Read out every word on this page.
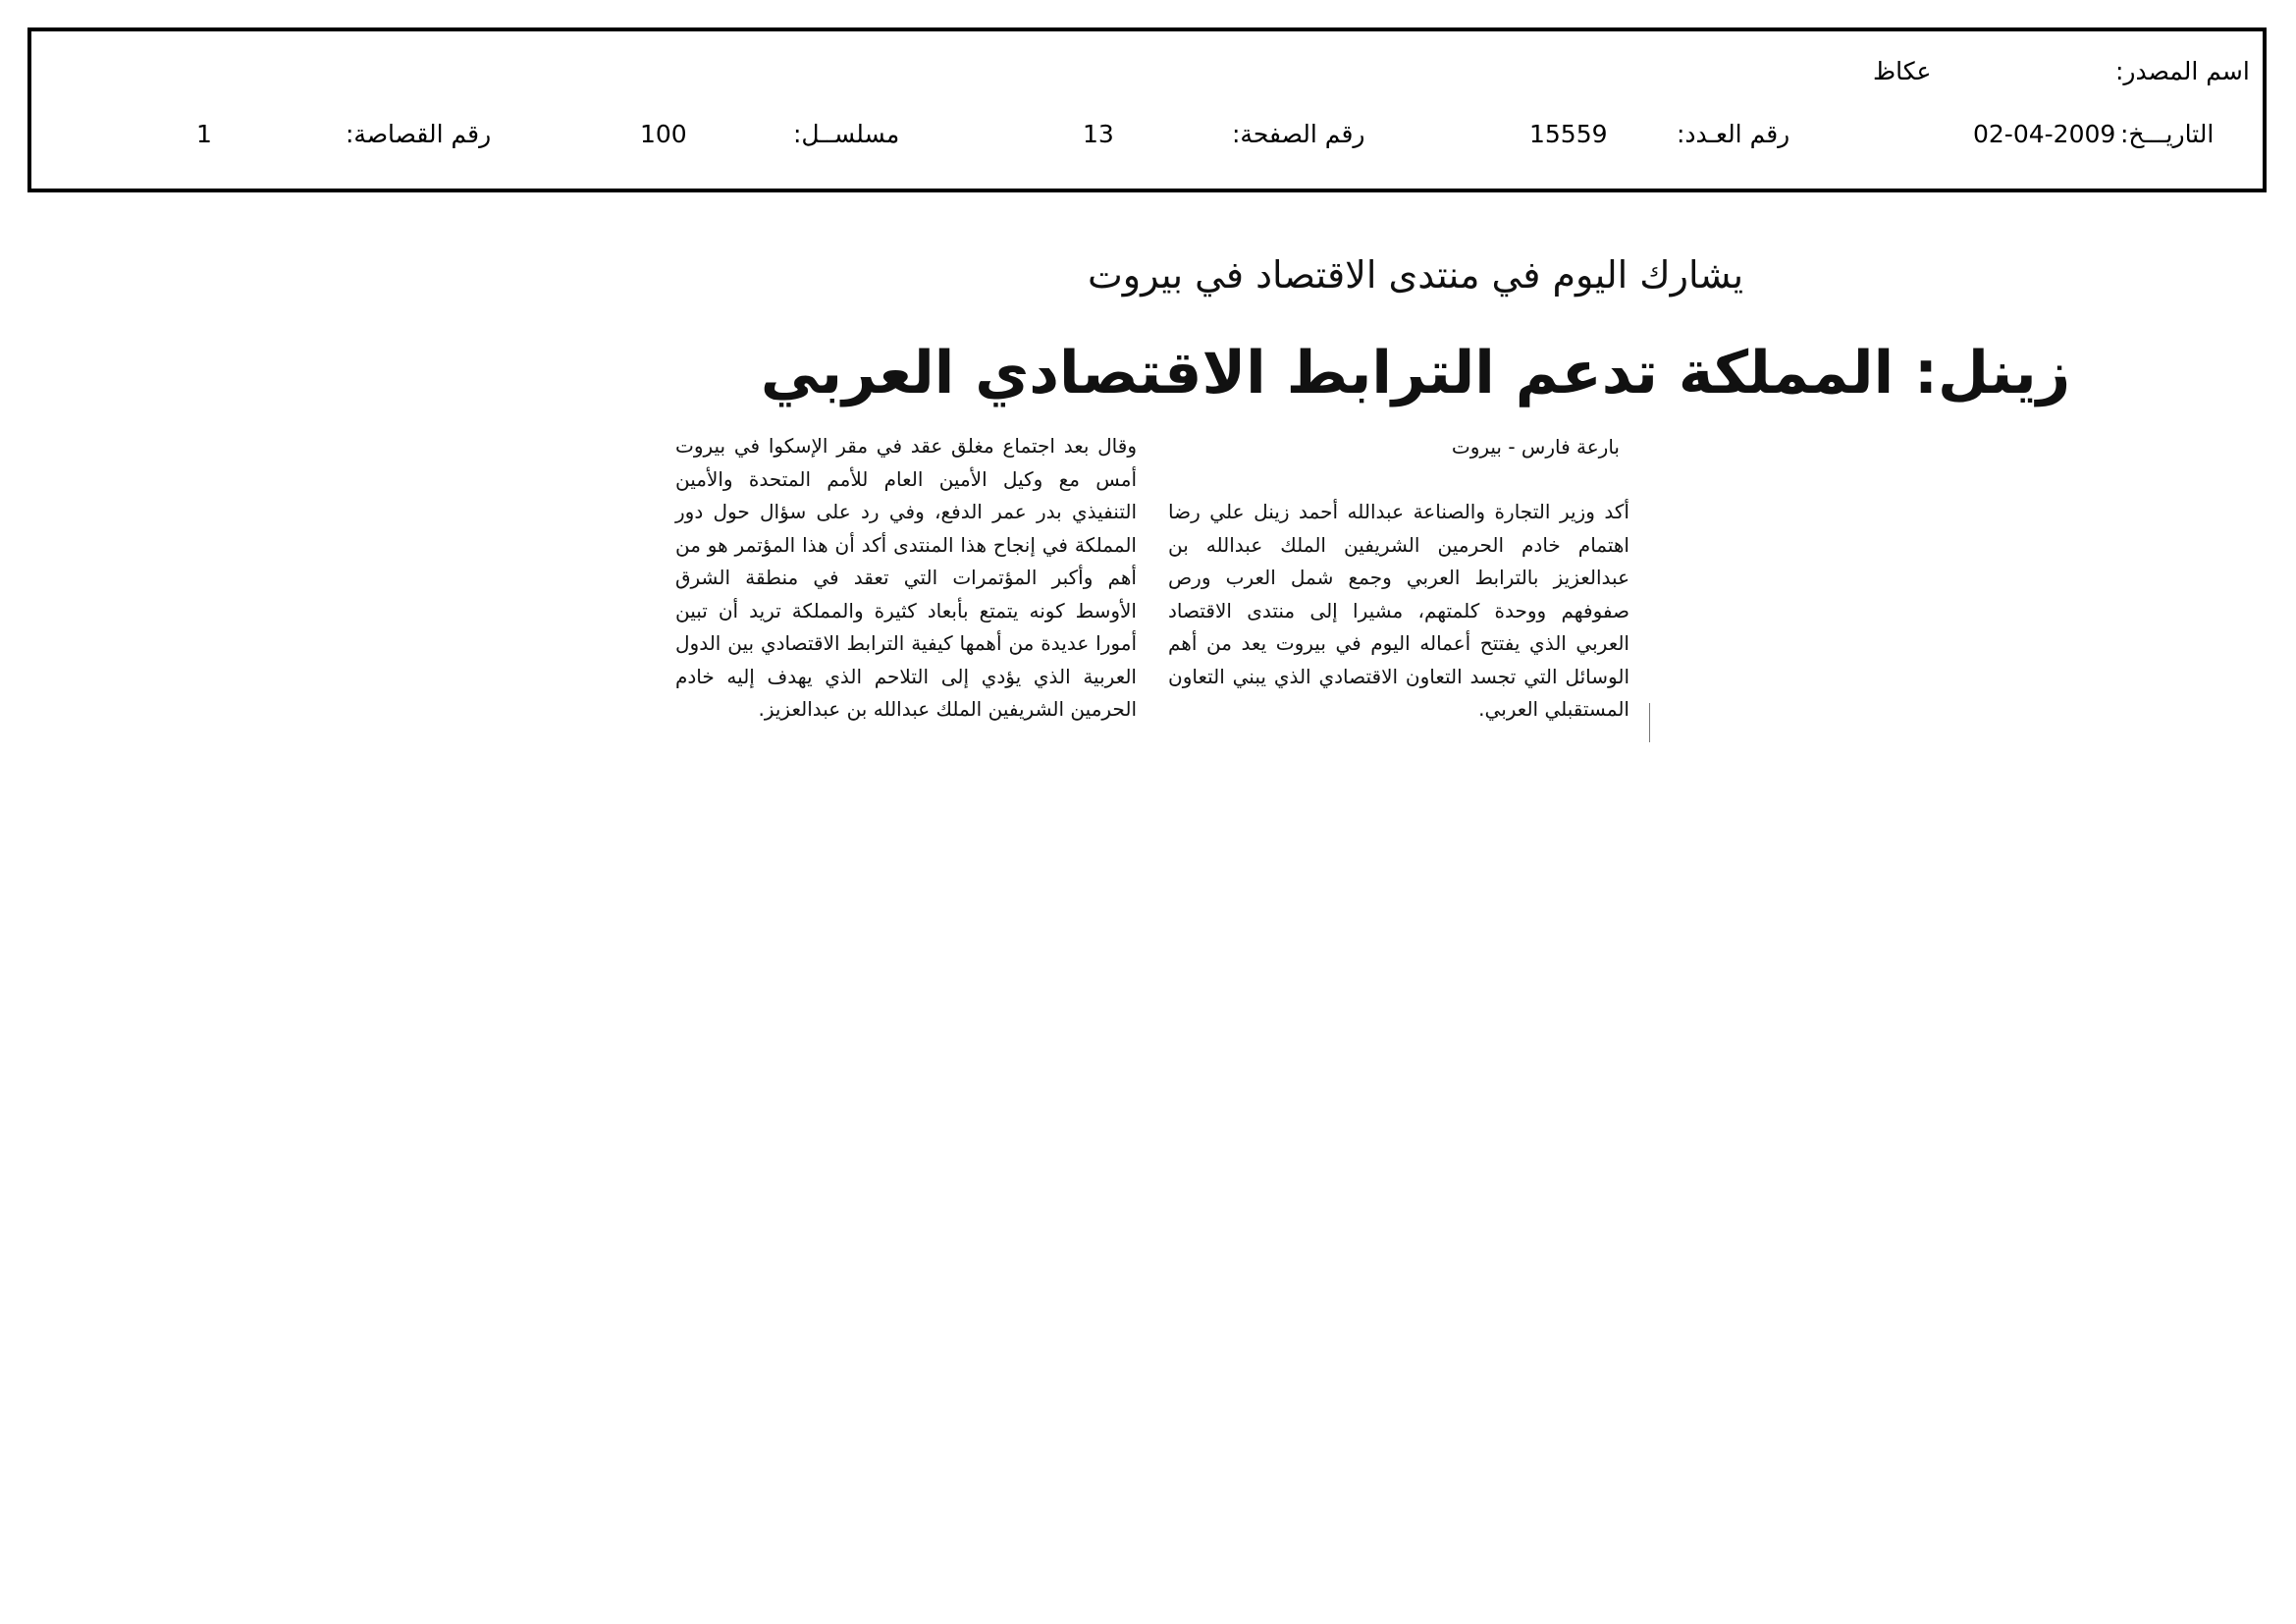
اسم المصدر:
عكاظ
التاريـــخ:
02-04-2009
رقم العـدد:
15559
رقم الصفحة:
13
مسلســل:
100
رقم القصاصة:
1
يشارك اليوم في منتدى الاقتصاد في بيروت
زينل: المملكة تدعم الترابط الاقتصادي العربي
بارعة فارس - بيروت
أكد وزير التجارة والصناعة عبدالله أحمد زينل علي رضا اهتمام خادم الحرمين الشريفين الملك عبدالله بن عبدالعزيز بالترابط العربي وجمع شمل العرب ورص صفوفهم ووحدة كلمتهم، مشيرا إلى منتدى الاقتصاد العربي الذي يفتتح أعماله اليوم في بيروت يعد من أهم الوسائل التي تجسد التعاون الاقتصادي الذي يبني التعاون المستقبلي العربي.
وقال بعد اجتماع مغلق عقد في مقر الإسكوا في بيروت أمس مع وكيل الأمين العام للأمم المتحدة والأمين التنفيذي بدر عمر الدفع، وفي رد على سؤال حول دور المملكة في إنجاح هذا المنتدى أكد أن هذا المؤتمر هو من أهم وأكبر المؤتمرات التي تعقد في منطقة الشرق الأوسط كونه يتمتع بأبعاد كثيرة والمملكة تريد أن تبين أمورا عديدة من أهمها كيفية الترابط الاقتصادي بين الدول العربية الذي يؤدي إلى التلاحم الذي يهدف إليه خادم الحرمين الشريفين الملك عبدالله بن عبدالعزيز.
